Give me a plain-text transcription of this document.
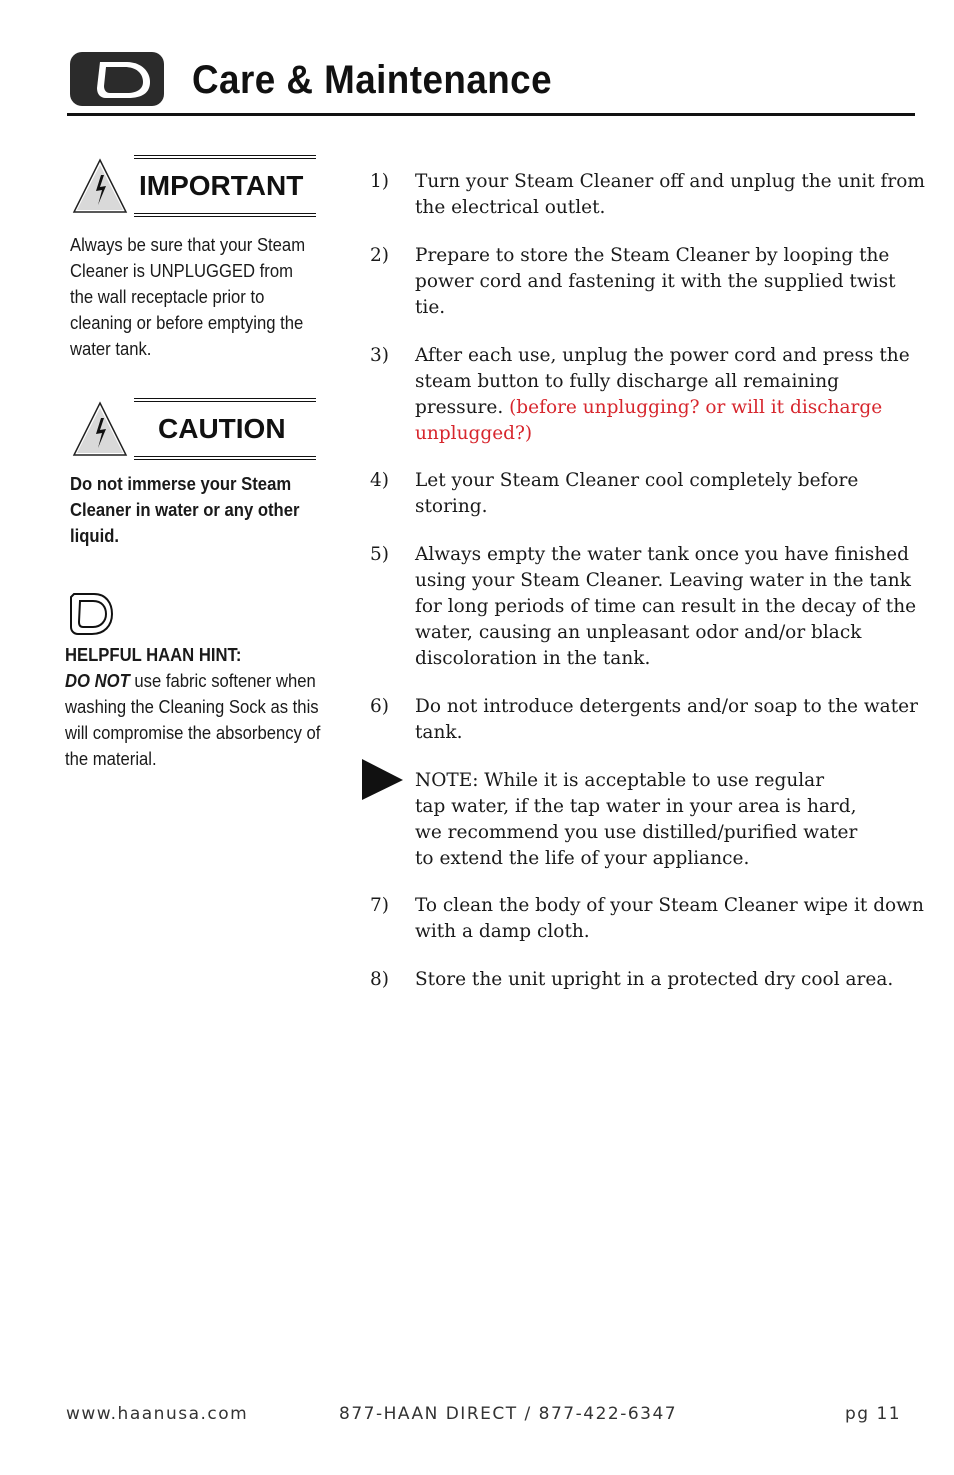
Care & Maintenance
IMPORTANT
Always be sure that your Steam Cleaner is UNPLUGGED from the wall receptacle prior to cleaning or before emptying the water tank.
CAUTION
Do not immerse your Steam Cleaner in water or any other liquid.
HELPFUL HAAN HINT:
DO NOT use fabric softener when washing the Cleaning Sock as this will compromise the absorbency of the material.
1)	Turn your Steam Cleaner off and unplug the unit from the electrical outlet.
2)	Prepare to store the Steam Cleaner by looping the power cord and fastening it with the supplied twist tie.
3)	After each use, unplug the power cord and press the steam button to fully discharge all remaining pressure. (before unplugging? or will it discharge unplugged?)
4)	Let your Steam Cleaner cool completely before storing.
5)	Always empty the water tank once you have finished using your Steam Cleaner. Leaving water in the tank for long periods of time can result in the decay of the water, causing an unpleasant odor and/or black discoloration in the tank.
6)	Do not introduce detergents and/or soap to the water tank.
NOTE: While it is acceptable to use regular
tap water, if the tap water in your area is hard,
we recommend you use distilled/purified water
to extend the life of your appliance.
7)	To clean the body of your Steam Cleaner wipe it down with a damp cloth.
8)	Store the unit upright in a protected dry cool area.
www.haanusa.com	877-HAAN DIRECT / 877-422-6347	pg 11
